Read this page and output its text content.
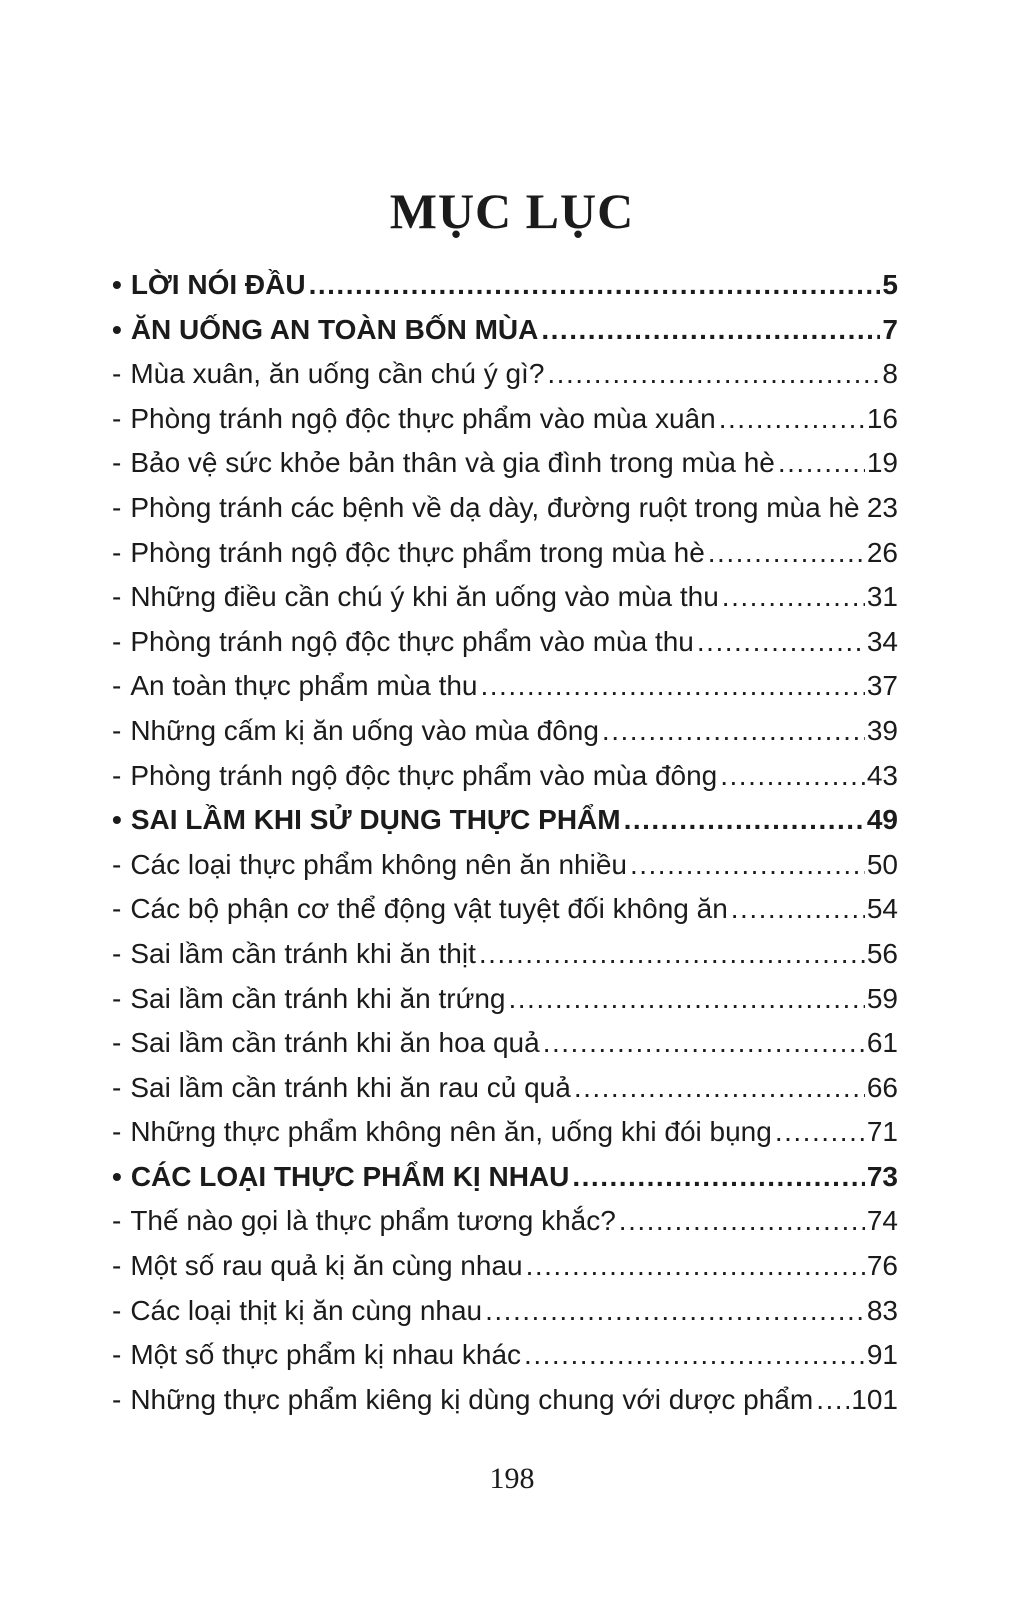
MỤC LỤC
• LỜI NÓI ĐẦU .....	5
• ĂN UỐNG AN TOÀN BỐN MÙA .....	7
- Mùa xuân, ăn uống cần chú ý gì? .....	8
- Phòng tránh ngộ độc thực phẩm vào mùa xuân .....	16
- Bảo vệ sức khỏe bản thân và gia đình trong mùa hè .....	19
- Phòng tránh các bệnh về dạ dày, đường ruột trong mùa hè ..... 23
- Phòng tránh ngộ độc thực phẩm trong mùa hè .....	26
- Những điều cần chú ý khi ăn uống vào mùa thu .....	31
- Phòng tránh ngộ độc thực phẩm vào mùa thu .....	34
- An toàn thực phẩm mùa thu .....	37
- Những cấm kị ăn uống vào mùa đông .....	39
- Phòng tránh ngộ độc thực phẩm vào mùa đông .....	43
• SAI LẦM KHI SỬ DỤNG THỰC PHẨM .....	49
- Các loại thực phẩm không nên ăn nhiều .....	50
- Các bộ phận cơ thể động vật tuyệt đối không ăn .....	54
- Sai lầm cần tránh khi ăn thịt .....	56
- Sai lầm cần tránh khi ăn trứng .....	59
- Sai lầm cần tránh khi ăn hoa quả .....	61
- Sai lầm cần tránh khi ăn rau củ quả .....	66
- Những thực phẩm không nên ăn, uống khi đói bụng .....	71
• CÁC LOẠI THỰC PHẨM KỊ NHAU .....	73
- Thế nào gọi là thực phẩm tương khắc? .....	74
- Một số rau quả kị ăn cùng nhau .....	76
- Các loại thịt kị ăn cùng nhau .....	83
- Một số thực phẩm kị nhau khác .....	91
- Những thực phẩm kiêng kị dùng chung với dược phẩm ..... 101
198
